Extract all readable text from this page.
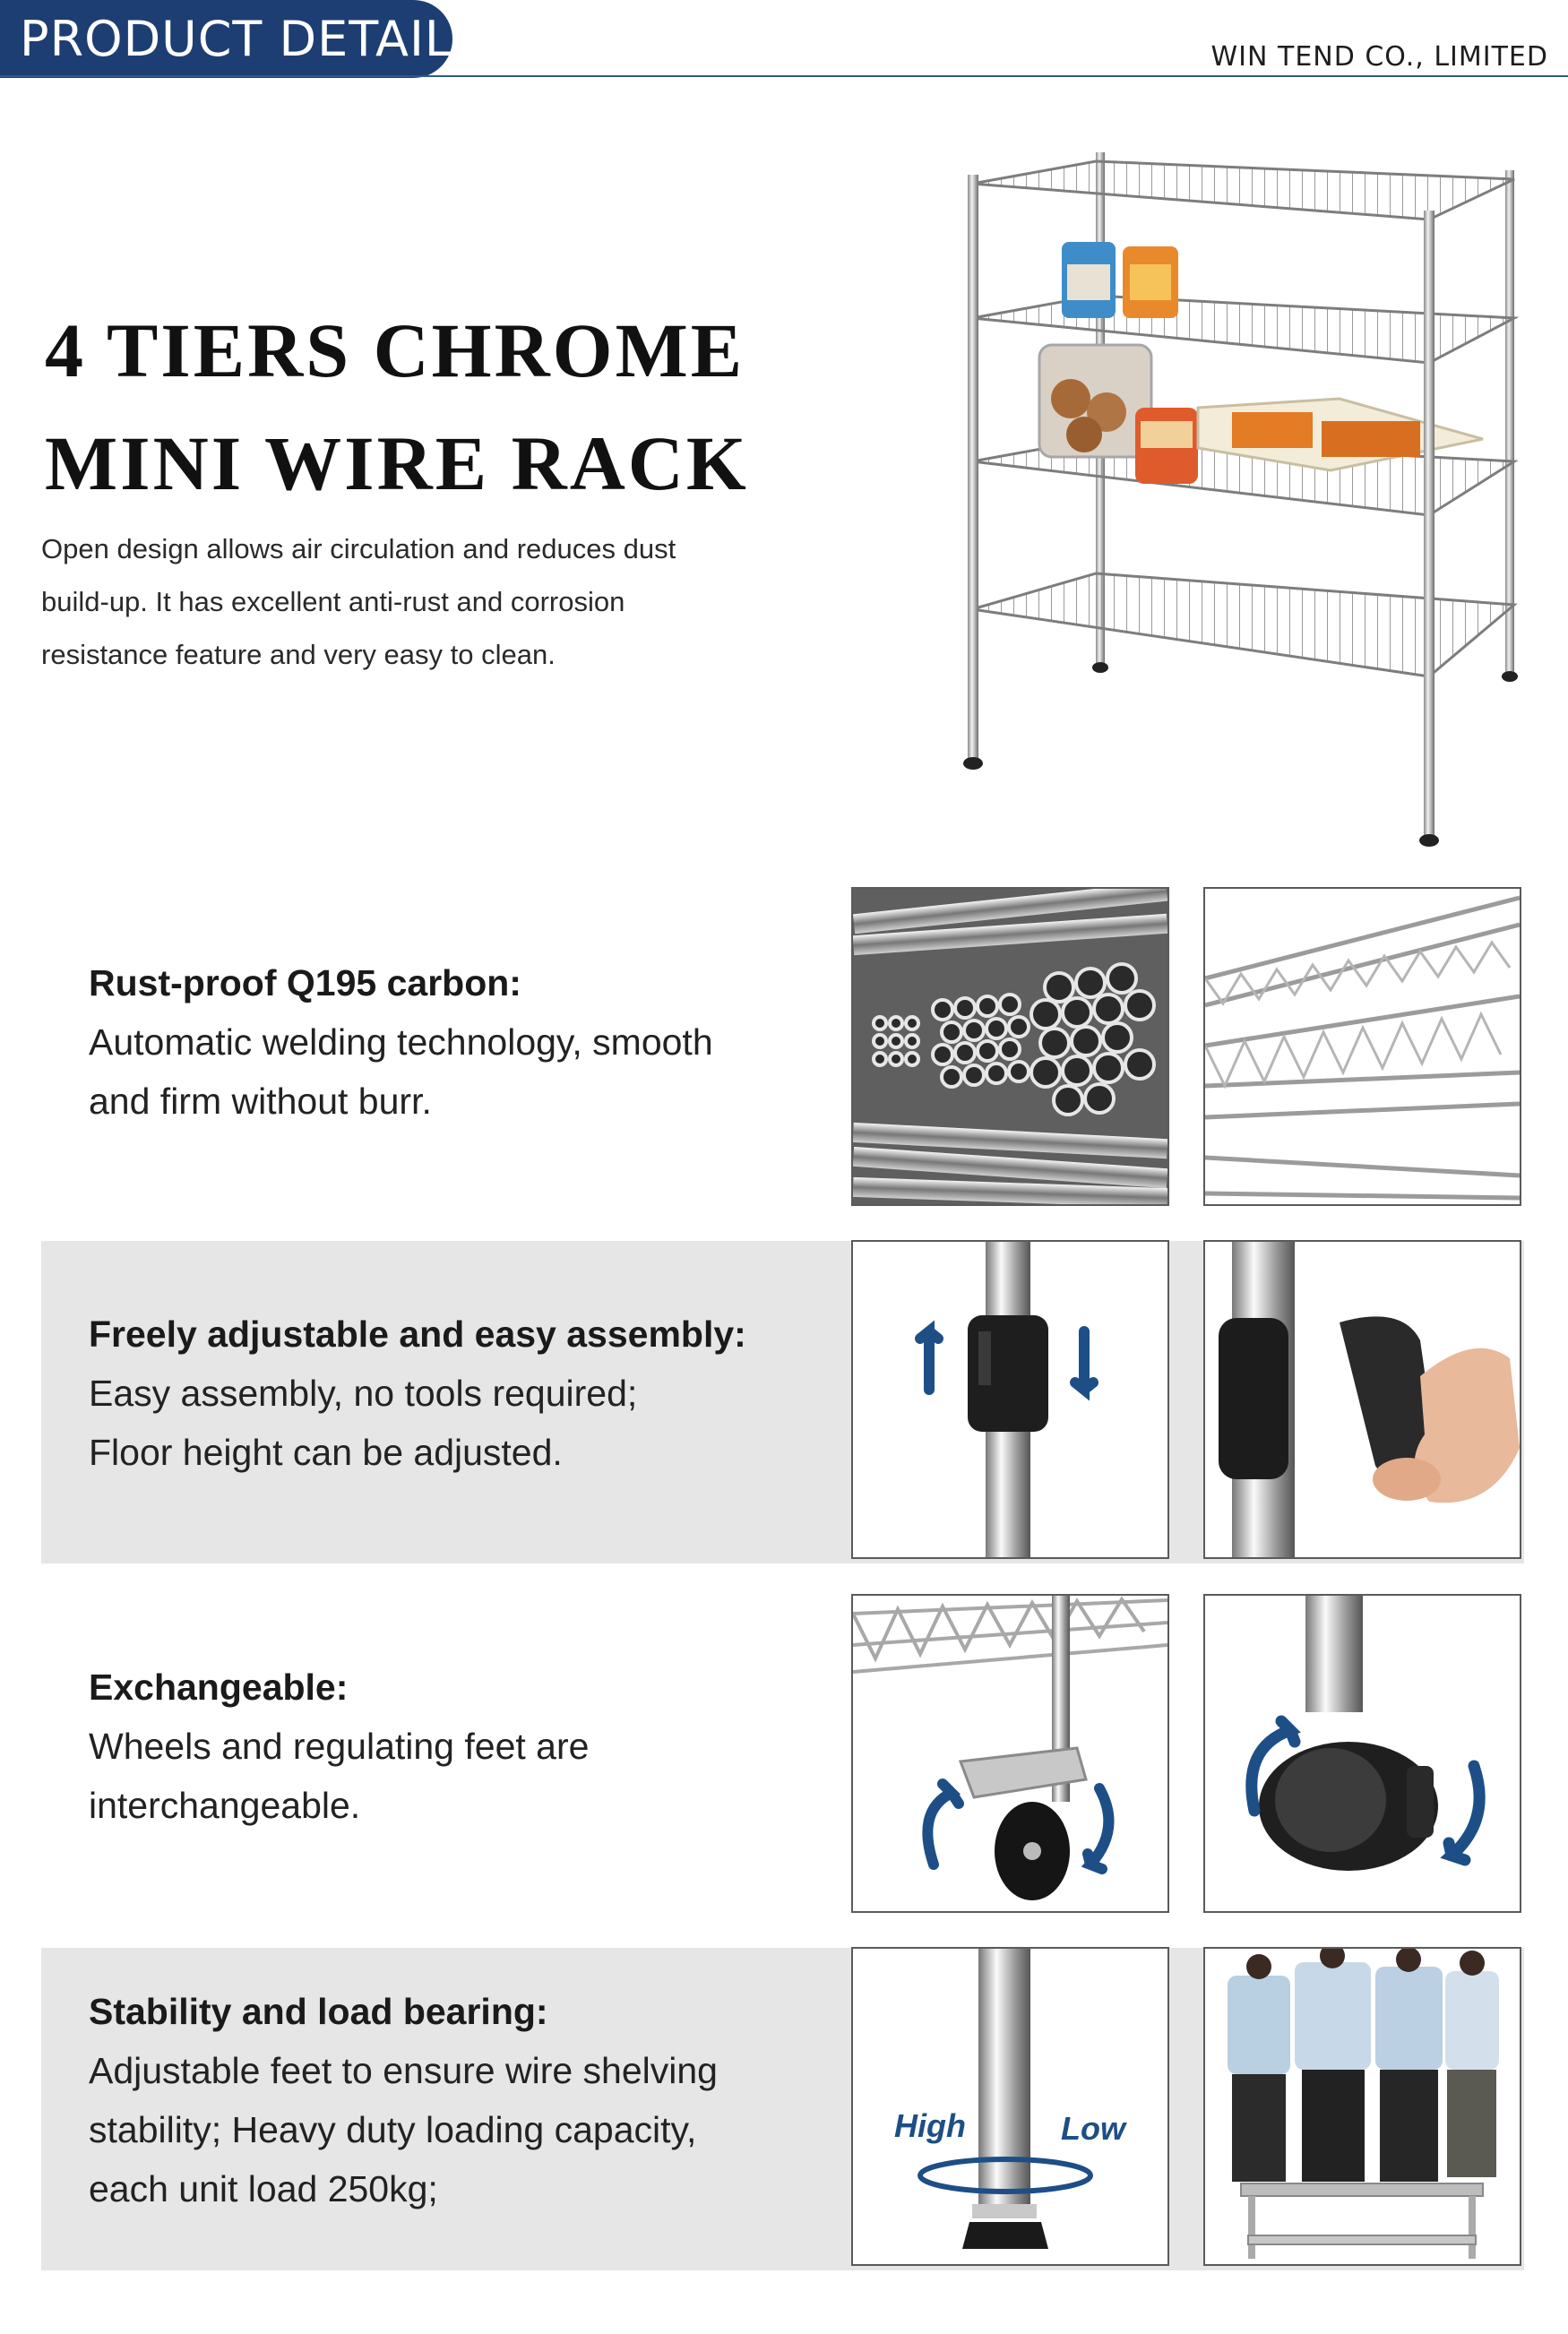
PRODUCT DETAILS	WIN TEND CO., LIMITED
4 TIERS CHROME
MINI WIRE RACK
Open design allows air circulation and reduces dust
build-up. It has excellent anti-rust and corrosion
resistance feature and very easy to clean.
Rust-proof Q195 carbon:
Automatic welding technology, smooth
and firm without burr.
Freely adjustable and easy assembly:
Easy assembly, no tools required;
Floor height can be adjusted.
Exchangeable:
Wheels and regulating feet are
interchangeable.
Stability and load bearing:
Adjustable feet to ensure wire shelving
stability; Heavy duty loading capacity,
each unit load 250kg;
High	Low
